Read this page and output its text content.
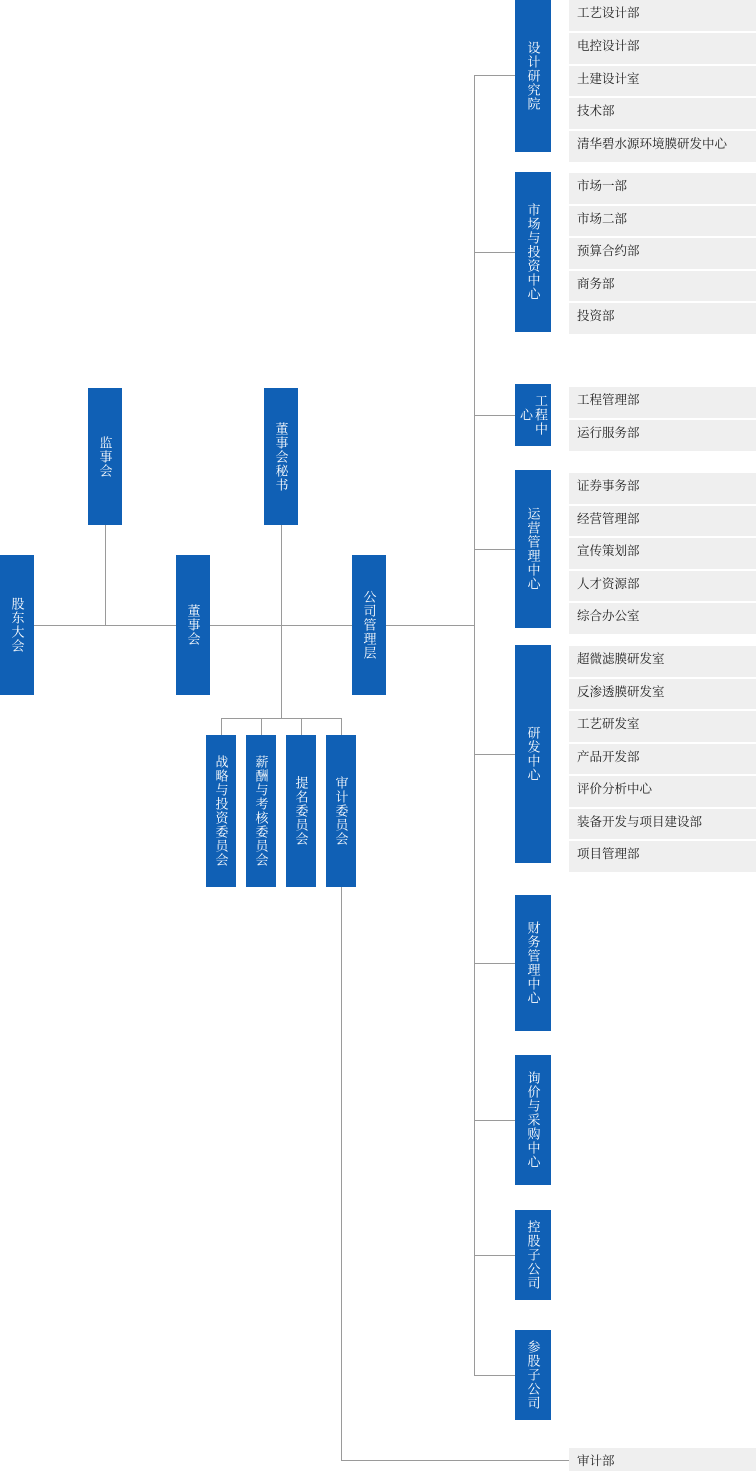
股东大会
监事会
董事会
董事会秘书
公司管理层
战略与投资委员会	薪酬与考核委员会	提名委员会	审计委员会
设计研究院
市场与投资中心
工程中心
运营管理中心
研发中心
财务管理中心
询价与采购中心
控股子公司
参股子公司
工艺设计部
电控设计部
土建设计室
技术部
清华碧水源环境膜研发中心
市场一部
市场二部
预算合约部
商务部
投资部
工程管理部
运行服务部
证券事务部
经营管理部
宣传策划部
人才资源部
综合办公室
超微滤膜研发室
反渗透膜研发室
工艺研发室
产品开发部
评价分析中心
装备开发与项目建设部
项目管理部
审计部
